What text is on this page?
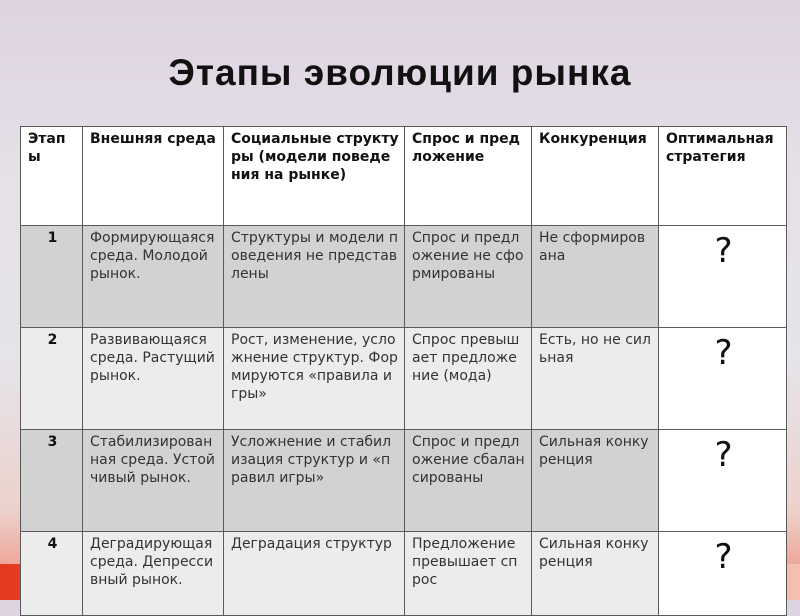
Этапы эволюции рынка
Этапы	Внешняя среда	Социальные структуры (модели поведения на рынке)	Спрос и предложение	Конкуренция	Оптимальная стратегия
1	Формирующаяся среда. Молодой рынок.	Структуры и модели поведения не представлены	Спрос и предложение не сформированы	Не сформирована	?
2	Развивающаяся среда. Растущий рынок.	Рост, изменение, усложнение структур. Формируются «правила игры»	Спрос превышает предложение (мода)	Есть, но не сильная	?
3	Стабилизирован ная среда. Устойчивый рынок.	Усложнение и стабилизация структур и «правил игры»	Спрос и предложение сбалансированы	Сильная конкуренция	?
4	Деградирующая среда. Депрессивный рынок.	Деградация структур	Предложение превышает спрос	Сильная конкуренция	?
